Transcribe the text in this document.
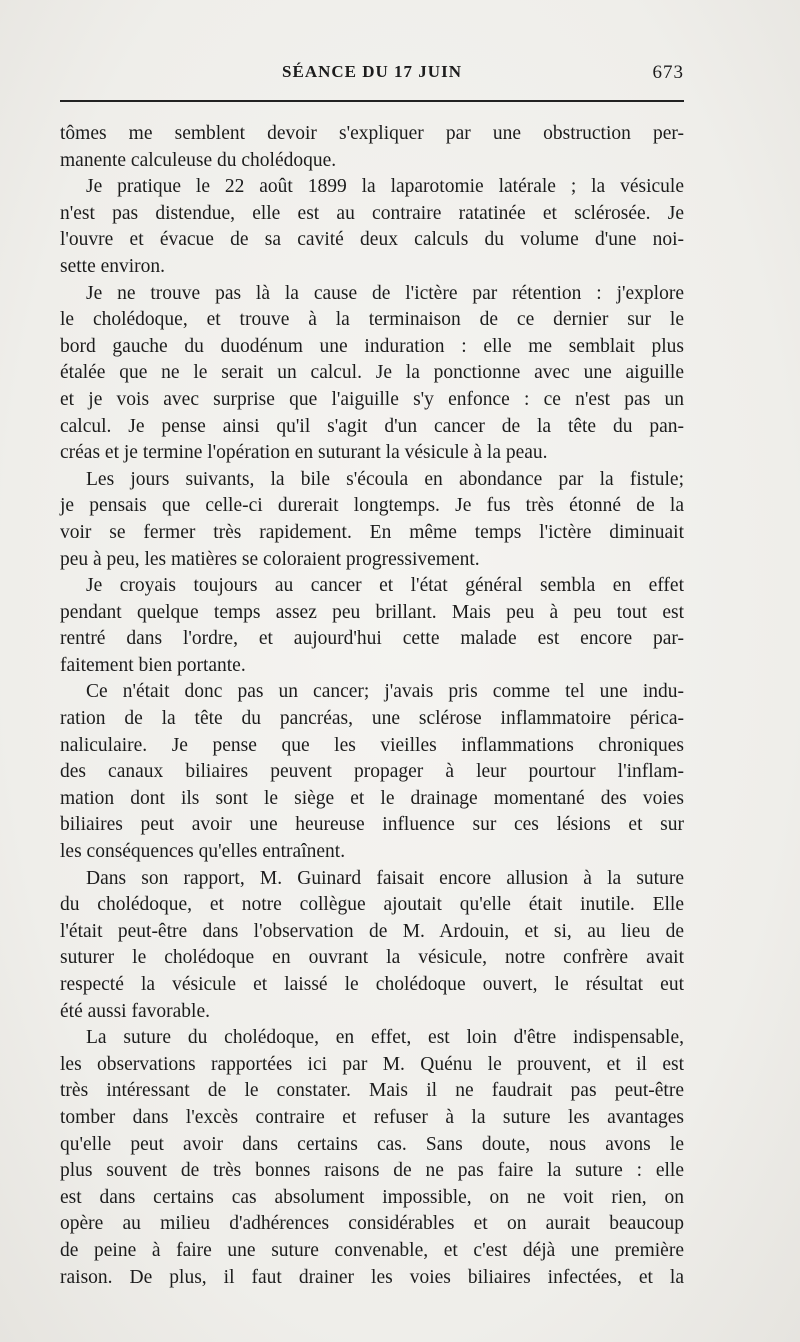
SÉANCE DU 17 JUIN	673
tômes me semblent devoir s'expliquer par une obstruction per-
manente calculeuse du cholédoque.
Je pratique le 22 août 1899 la laparotomie latérale ; la vésicule
n'est pas distendue, elle est au contraire ratatinée et sclérosée. Je
l'ouvre et évacue de sa cavité deux calculs du volume d'une noi-
sette environ.
Je ne trouve pas là la cause de l'ictère par rétention : j'explore
le cholédoque, et trouve à la terminaison de ce dernier sur le
bord gauche du duodénum une induration : elle me semblait plus
étalée que ne le serait un calcul. Je la ponctionne avec une aiguille
et je vois avec surprise que l'aiguille s'y enfonce : ce n'est pas un
calcul. Je pense ainsi qu'il s'agit d'un cancer de la tête du pan-
créas et je termine l'opération en suturant la vésicule à la peau.
Les jours suivants, la bile s'écoula en abondance par la fistule;
je pensais que celle-ci durerait longtemps. Je fus très étonné de la
voir se fermer très rapidement. En même temps l'ictère diminuait
peu à peu, les matières se coloraient progressivement.
Je croyais toujours au cancer et l'état général sembla en effet
pendant quelque temps assez peu brillant. Mais peu à peu tout est
rentré dans l'ordre, et aujourd'hui cette malade est encore par-
faitement bien portante.
Ce n'était donc pas un cancer; j'avais pris comme tel une indu-
ration de la tête du pancréas, une sclérose inflammatoire périca-
naliculaire. Je pense que les vieilles inflammations chroniques
des canaux biliaires peuvent propager à leur pourtour l'inflam-
mation dont ils sont le siège et le drainage momentané des voies
biliaires peut avoir une heureuse influence sur ces lésions et sur
les conséquences qu'elles entraînent.
Dans son rapport, M. Guinard faisait encore allusion à la suture
du cholédoque, et notre collègue ajoutait qu'elle était inutile. Elle
l'était peut-être dans l'observation de M. Ardouin, et si, au lieu de
suturer le cholédoque en ouvrant la vésicule, notre confrère avait
respecté la vésicule et laissé le cholédoque ouvert, le résultat eut
été aussi favorable.
La suture du cholédoque, en effet, est loin d'être indispensable,
les observations rapportées ici par M. Quénu le prouvent, et il est
très intéressant de le constater. Mais il ne faudrait pas peut-être
tomber dans l'excès contraire et refuser à la suture les avantages
qu'elle peut avoir dans certains cas. Sans doute, nous avons le
plus souvent de très bonnes raisons de ne pas faire la suture : elle
est dans certains cas absolument impossible, on ne voit rien, on
opère au milieu d'adhérences considérables et on aurait beaucoup
de peine à faire une suture convenable, et c'est déjà une première
raison. De plus, il faut drainer les voies biliaires infectées, et la
